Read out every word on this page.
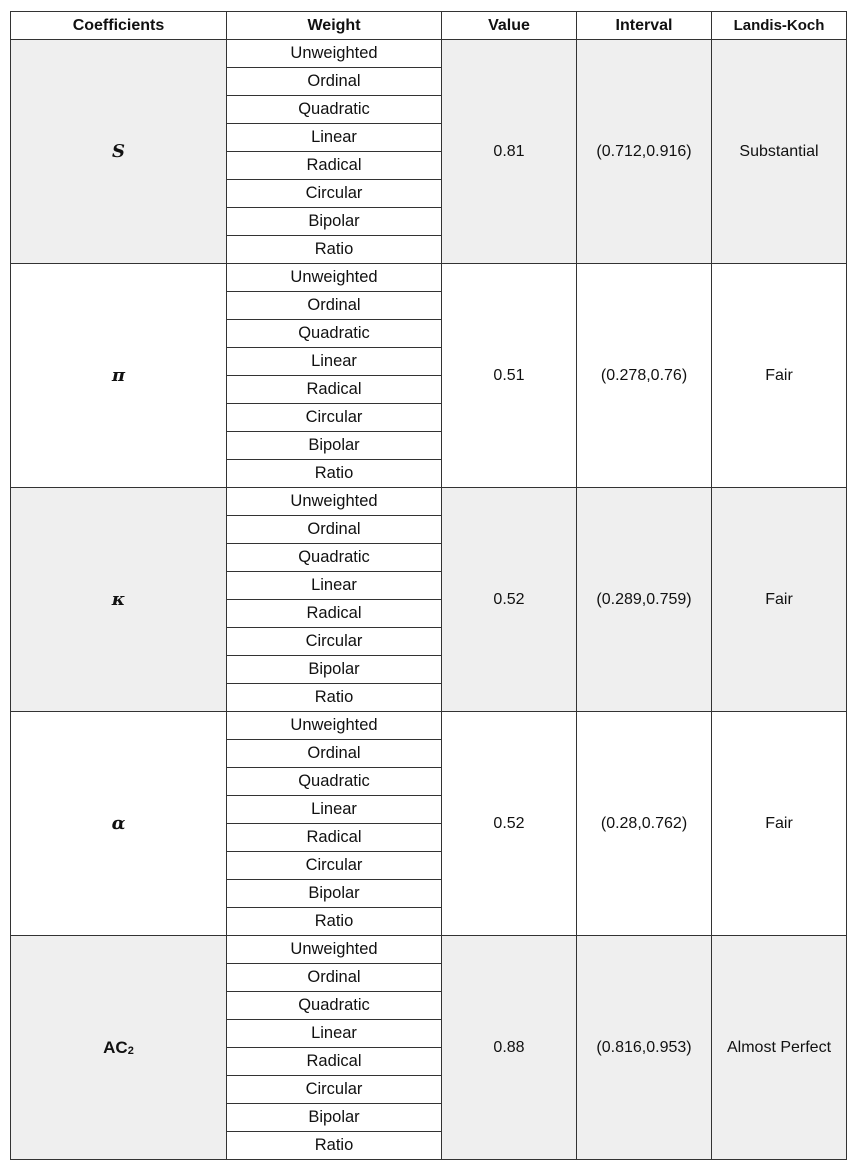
Coefficients	Weight	Value	Interval	Landis-Koch
S	Unweighted	0.81	(0.712,0.916)	Substantial
	Ordinal			
	Quadratic			
	Linear			
	Radical			
	Circular			
	Bipolar			
	Ratio			
π	Unweighted	0.51	(0.278,0.76)	Fair
	Ordinal			
	Quadratic			
	Linear			
	Radical			
	Circular			
	Bipolar			
	Ratio			
κ	Unweighted	0.52	(0.289,0.759)	Fair
	Ordinal			
	Quadratic			
	Linear			
	Radical			
	Circular			
	Bipolar			
	Ratio			
α	Unweighted	0.52	(0.28,0.762)	Fair
	Ordinal			
	Quadratic			
	Linear			
	Radical			
	Circular			
	Bipolar			
	Ratio			
$AC_2$	Unweighted	0.88	(0.816,0.953)	Almost Perfect
	Ordinal			
	Quadratic			
	Linear			
	Radical			
	Circular			
	Bipolar			
	Ratio			
